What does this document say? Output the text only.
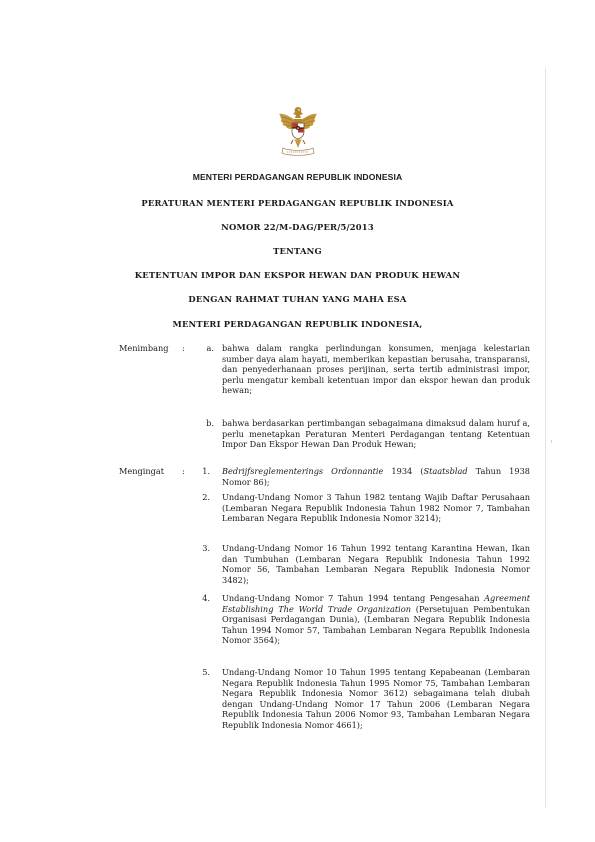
MENTERI PERDAGANGAN REPUBLIK INDONESIA
PERATURAN MENTERI PERDAGANGAN REPUBLIK INDONESIA
NOMOR 22/M-DAG/PER/5/2013
TENTANG
KETENTUAN IMPOR DAN EKSPOR HEWAN DAN PRODUK HEWAN
DENGAN RAHMAT TUHAN YANG MAHA ESA
MENTERI PERDAGANGAN REPUBLIK INDONESIA,
Menimbang :	a. bahwa dalam rangka perlindungan konsumen, menjaga kelestarian sumber daya alam hayati, memberikan kepastian berusaha, transparansi, dan penyederhanaan proses perijinan, serta tertib administrasi impor, perlu mengatur kembali ketentuan impor dan ekspor hewan dan produk hewan;

b. bahwa berdasarkan pertimbangan sebagaimana dimaksud dalam huruf a, perlu menetapkan Peraturan Menteri Perdagangan tentang Ketentuan Impor Dan Ekspor Hewan Dan Produk Hewan;

Mengingat :	1. Bedrijfsreglementerings Ordonnantie 1934 (Staatsblad Tahun 1938 Nomor 86);

2. Undang-Undang Nomor 3 Tahun 1982 tentang Wajib Daftar Perusahaan (Lembaran Negara Republik Indonesia Tahun 1982 Nomor 7, Tambahan Lembaran Negara Republik Indonesia Nomor 3214);

3. Undang-Undang Nomor 16 Tahun 1992 tentang Karantina Hewan, Ikan dan Tumbuhan (Lembaran Negara Republik Indonesia Tahun 1992 Nomor 56, Tambahan Lembaran Negara Republik Indonesia Nomor 3482);

4. Undang-Undang Nomor 7 Tahun 1994 tentang Pengesahan Agreement Establishing The World Trade Organization (Persetujuan Pembentukan Organisasi Perdagangan Dunia), (Lembaran Negara Republik Indonesia Tahun 1994 Nomor 57, Tambahan Lembaran Negara Republik Indonesia Nomor 3564);

5. Undang-Undang Nomor 10 Tahun 1995 tentang Kepabeanan (Lembaran Negara Republik Indonesia Tahun 1995 Nomor 75, Tambahan Lembaran Negara Republik Indonesia Nomor 3612) sebagaimana telah diubah dengan Undang-Undang Nomor 17 Tahun 2006 (Lembaran Negara Republik Indonesia Tahun 2006 Nomor 93, Tambahan Lembaran Negara Republik Indonesia Nomor 4661);
